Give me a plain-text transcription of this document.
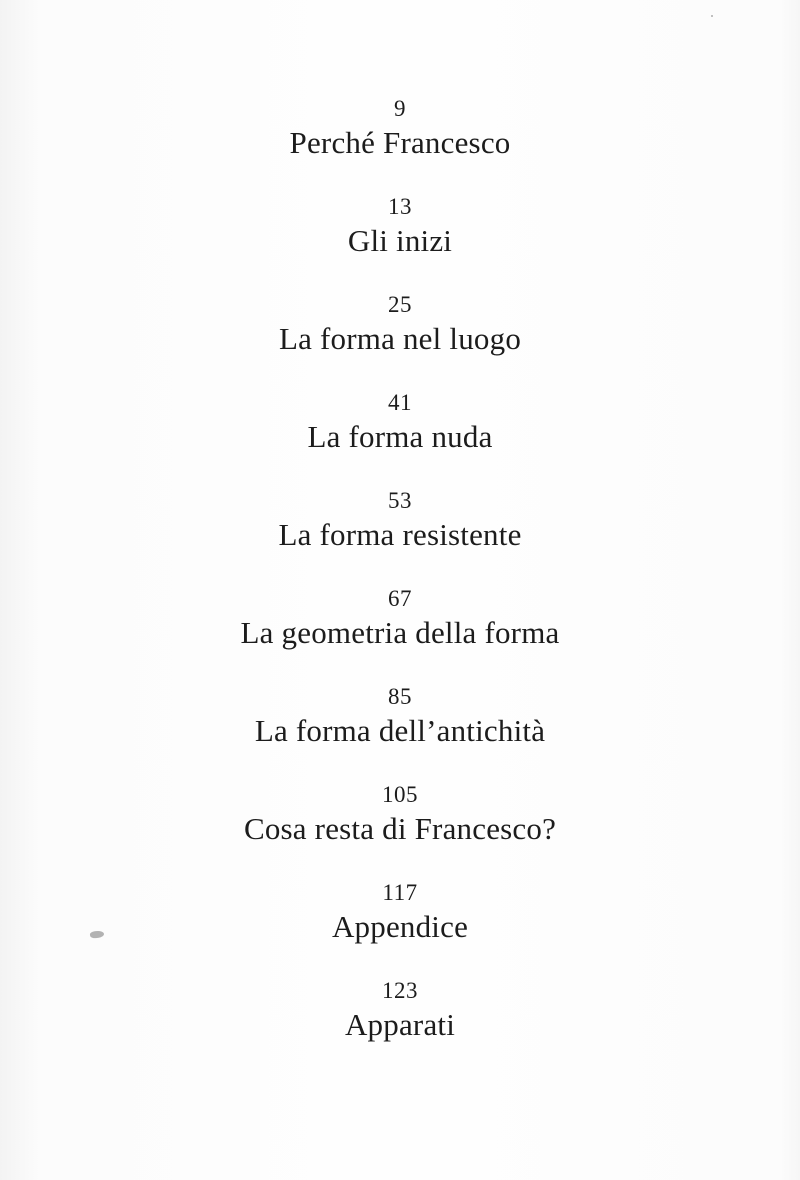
9
Perché Francesco
13
Gli inizi
25
La forma nel luogo
41
La forma nuda
53
La forma resistente
67
La geometria della forma
85
La forma dell’antichità
105
Cosa resta di Francesco?
117
Appendice
123
Apparati
